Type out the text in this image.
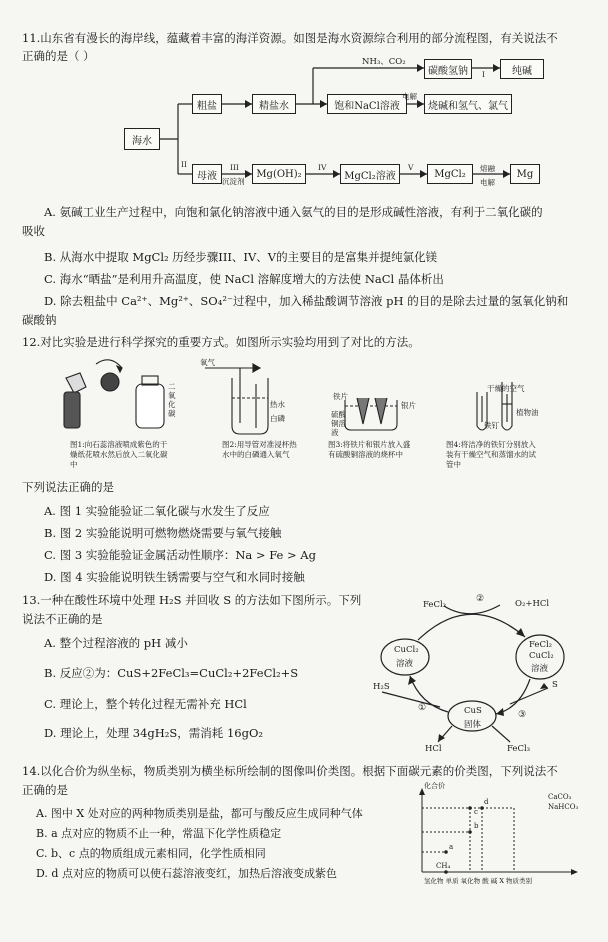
11.山东省有漫长的海岸线，蕴藏着丰富的海洋资源。如图是海水资源综合利用的部分流程图，有关说法不
正确的是（ ）
海水
粗盐	精盐水	饱和NaCl溶液
碳酸氢钠	纯碱
烧碱和氢气、氯气
母液	Mg(OH)₂	MgCl₂溶液	MgCl₂	Mg
NH₃、CO₂
I
电解
II	III
沉淀剂
IV	V	熔融
电解
A. 氨碱工业生产过程中，向饱和氯化钠溶液中通入氨气的目的是形成碱性溶液，有利于二氧化碳的
吸收
B. 从海水中提取 MgCl₂ 历经步骤III、IV、V的主要目的是富集并提纯氯化镁
C. 海水“晒盐”是利用升高温度，使 NaCl 溶解度增大的方法使 NaCl 晶体析出
D. 除去粗盐中 Ca²⁺、Mg²⁺、SO₄²⁻过程中，加入稀盐酸调节溶液 pH 的目的是除去过量的氢氧化钠和
碳酸钠
12.对比实验是进行科学探究的重要方式。如图所示实验均用到了对比的方法。
二氧化碳
图1:向石蕊溶液喷成紫色的干燥纸花喷水然后放入二氧化碳中
氧气
热水
白磷
图2:用导管对准浸杯热水中的白磷通入氧气
铁片
银片
硫酸铜溶液
图3:将铁片和银片放入盛有硫酸铜溶液的烧杯中
干燥的空气
植物油
铁钉
图4:将洁净的铁钉分别放入装有干燥空气和蒸馏水的试管中
下列说法正确的是
A. 图 1 实验能验证二氧化碳与水发生了反应
B. 图 2 实验能说明可燃物燃烧需要与氧气接触
C. 图 3 实验能验证金属活动性顺序：Na > Fe > Ag
D. 图 4 实验能说明铁生锈需要与空气和水同时接触
13.一种在酸性环境中处理 H₂S 并回收 S 的方法如下图所示。下列
说法不正确的是
A. 整个过程溶液的 pH 减小
B. 反应②为：CuS+2FeCl₃=CuCl₂+2FeCl₂+S
C. 理论上，整个转化过程无需补充 HCl
D. 理论上，处理 34gH₂S，需消耗 16gO₂
FeCl₃
②	O₂+HCl
CuCl₂
溶液
FeCl₂
CuCl₂
溶液
H₂S	S
CuS
固体
①
③
HCl	FeCl₃
14.以化合价为纵坐标，物质类别为横坐标所绘制的图像叫价类图。根据下面碳元素的价类图，下列说法不
正确的是
A. 图中 X 处对应的两种物质类别是盐，都可与酸反应生成同种气体
B. a 点对应的物质不止一种，常温下化学性质稳定
C. b、c 点的物质组成元素相同，化学性质相同
D. d 点对应的物质可以使石蕊溶液变红，加热后溶液变成紫色
化合价
氢化物 单质 氧化物 酸 碱 X 物质类别
CaCO₃
NaHCO₃
CH₄
d
b
c
a
